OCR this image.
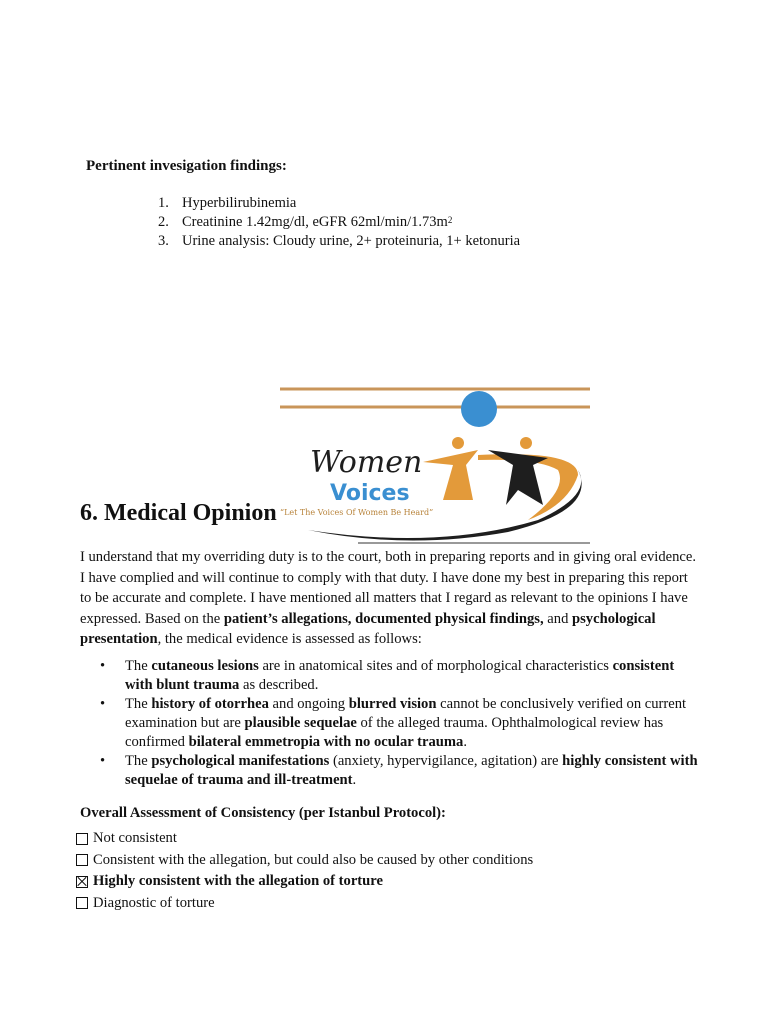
Pertinent invesigation findings:
1. Hyperbilirubinemia
2. Creatinine 1.42mg/dl, eGFR $62ml/\min/1.73m^2$
3. Urine analysis: Cloudy urine, 2+ proteinuria, 1+ ketonuria
Women
Voices
“Let The Voices Of Women Be Heard”
6. Medical Opinion
I understand that my overriding duty is to the court, both in preparing reports and in giving oral evidence. I have complied and will continue to comply with that duty. I have done my best in preparing this report to be accurate and complete. I have mentioned all matters that I regard as relevant to the opinions I have expressed. Based on the patient’s allegations, documented physical findings, and psychological presentation, the medical evidence is assessed as follows:
• The cutaneous lesions are in anatomical sites and of morphological characteristics consistent with blunt trauma as described.
• The history of otorrhea and ongoing blurred vision cannot be conclusively verified on current examination but are plausible sequelae of the alleged trauma. Ophthalmological review has confirmed bilateral emmetropia with no ocular trauma.
• The psychological manifestations (anxiety, hypervigilance, agitation) are highly consistent with sequelae of trauma and ill-treatment.
Overall Assessment of Consistency (per Istanbul Protocol):
Not consistent
Consistent with the allegation, but could also be caused by other conditions
Highly consistent with the allegation of torture
Diagnostic of torture
